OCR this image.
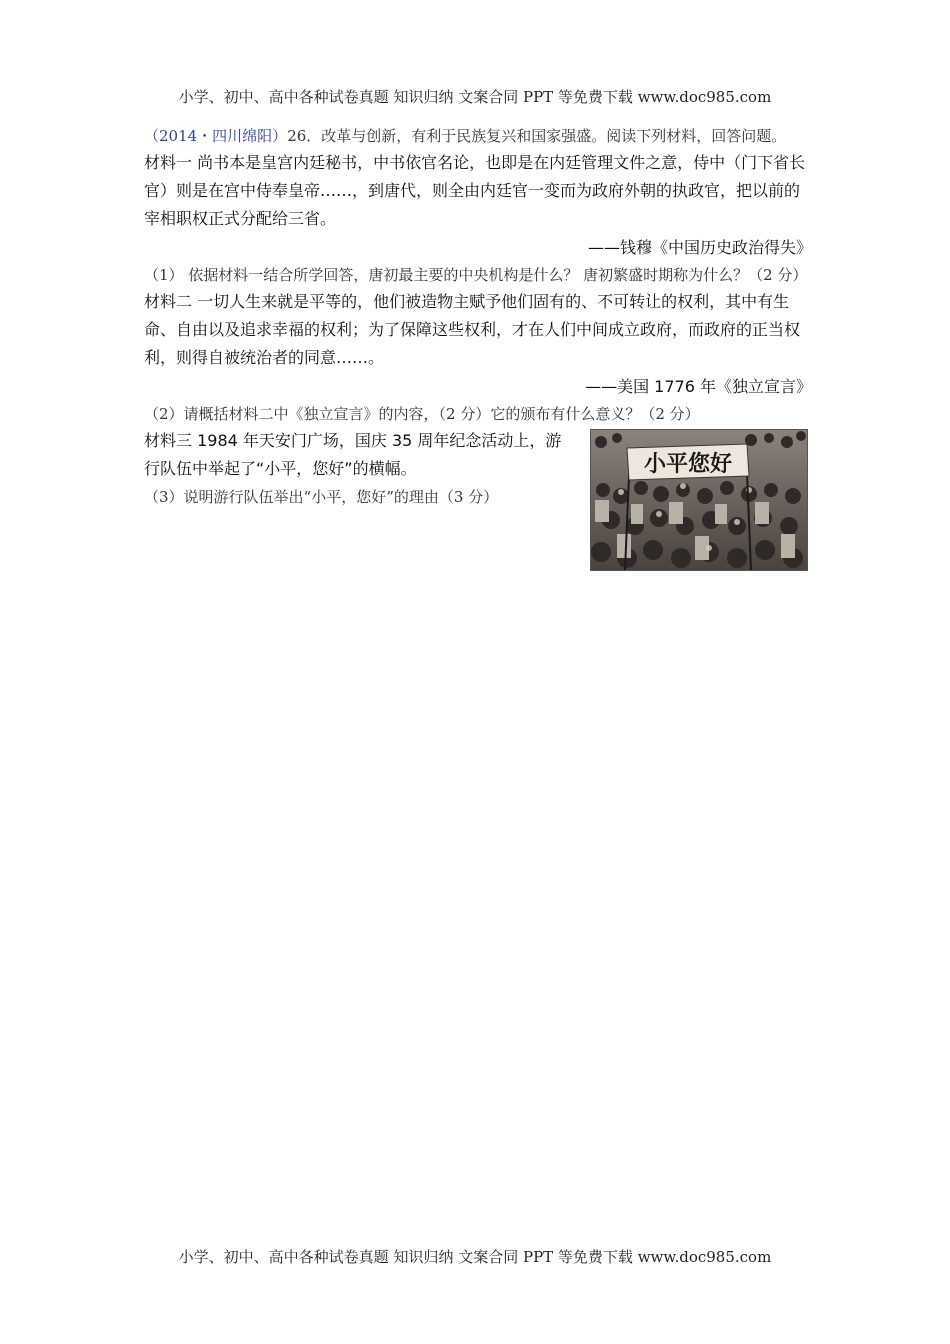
小学、初中、高中各种试卷真题 知识归纳 文案合同 PPT 等免费下载 www.doc985.com
（2014・四川绵阳）26．改革与创新，有利于民族复兴和国家强盛。阅读下列材料，回答问题。
材料一 尚书本是皇宫内廷秘书，中书依官名论，也即是在内廷管理文件之意，侍中（门下省长官）则是在宫中侍奉皇帝……，到唐代，则全由内廷官一变而为政府外朝的执政官，把以前的宰相职权正式分配给三省。
——钱穆《中国历史政治得失》
（1） 依据材料一结合所学回答，唐初最主要的中央机构是什么？ 唐初繁盛时期称为什么？（2 分）
材料二 一切人生来就是平等的，他们被造物主赋予他们固有的、不可转让的权利，其中有生命、自由以及追求幸福的权利；为了保障这些权利，才在人们中间成立政府，而政府的正当权利，则得自被统治者的同意……。
——美国 1776 年《独立宣言》
（2）请概括材料二中《独立宣言》的内容，（2 分）它的颁布有什么意义？（2 分）
材料三 1984 年天安门广场，国庆 35 周年纪念活动上，游行队伍中举起了“小平，您好”的横幅。
（3）说明游行队伍举出“小平，您好”的理由（3 分）
小平您好
小学、初中、高中各种试卷真题 知识归纳 文案合同 PPT 等免费下载 www.doc985.com
